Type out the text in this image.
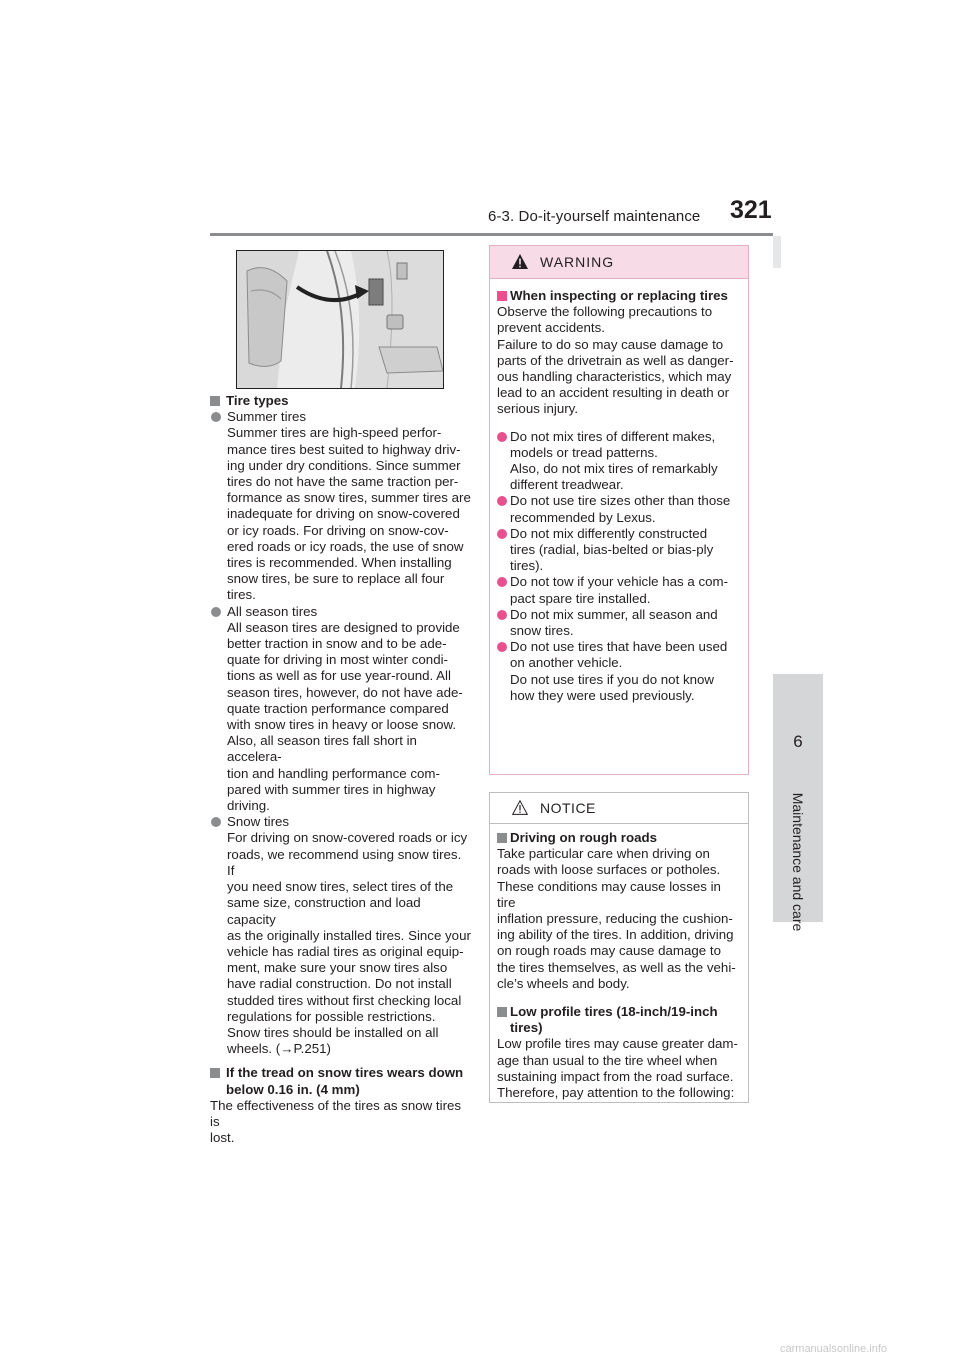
6-3. Do-it-yourself maintenance 321
6
Maintenance and care

Tire types

Summer tires
Summer tires are high-speed perfor-
mance tires best suited to highway driv-
ing under dry conditions. Since summer
tires do not have the same traction per-
formance as snow tires, summer tires are
inadequate for driving on snow-covered
or icy roads. For driving on snow-cov-
ered roads or icy roads, the use of snow
tires is recommended. When installing
snow tires, be sure to replace all four
tires.

All season tires
All season tires are designed to provide
better traction in snow and to be ade-
quate for driving in most winter condi-
tions as well as for use year-round. All
season tires, however, do not have ade-
quate traction performance compared
with snow tires in heavy or loose snow.
Also, all season tires fall short in accelera-
tion and handling performance com-
pared with summer tires in highway
driving.

Snow tires
For driving on snow-covered roads or icy
roads, we recommend using snow tires. If
you need snow tires, select tires of the
same size, construction and load capacity
as the originally installed tires. Since your
vehicle has radial tires as original equip-
ment, make sure your snow tires also
have radial construction. Do not install
studded tires without first checking local
regulations for possible restrictions.
Snow tires should be installed on all
wheels. (→P.251)

If the tread on snow tires wears down below 0.16 in. (4 mm)

The effectiveness of the tires as snow tires is
lost.

WARNING

When inspecting or replacing tires

Observe the following precautions to
prevent accidents.
Failure to do so may cause damage to
parts of the drivetrain as well as danger-
ous handling characteristics, which may
lead to an accident resulting in death or
serious injury.

Do not mix tires of different makes,
models or tread patterns.
Also, do not mix tires of remarkably
different treadwear.

Do not use tire sizes other than those
recommended by Lexus.

Do not mix differently constructed
tires (radial, bias-belted or bias-ply
tires).

Do not tow if your vehicle has a com-
pact spare tire installed.

Do not mix summer, all season and
snow tires.

Do not use tires that have been used
on another vehicle.
Do not use tires if you do not know
how they were used previously.

NOTICE

Driving on rough roads

Take particular care when driving on
roads with loose surfaces or potholes.
These conditions may cause losses in tire
inflation pressure, reducing the cushion-
ing ability of the tires. In addition, driving
on rough roads may cause damage to
the tires themselves, as well as the vehi-
cle’s wheels and body.

Low profile tires (18-inch/19-inch
tires)

Low profile tires may cause greater dam-
age than usual to the tire wheel when
sustaining impact from the road surface.
Therefore, pay attention to the following:

carmanualsonline.info
